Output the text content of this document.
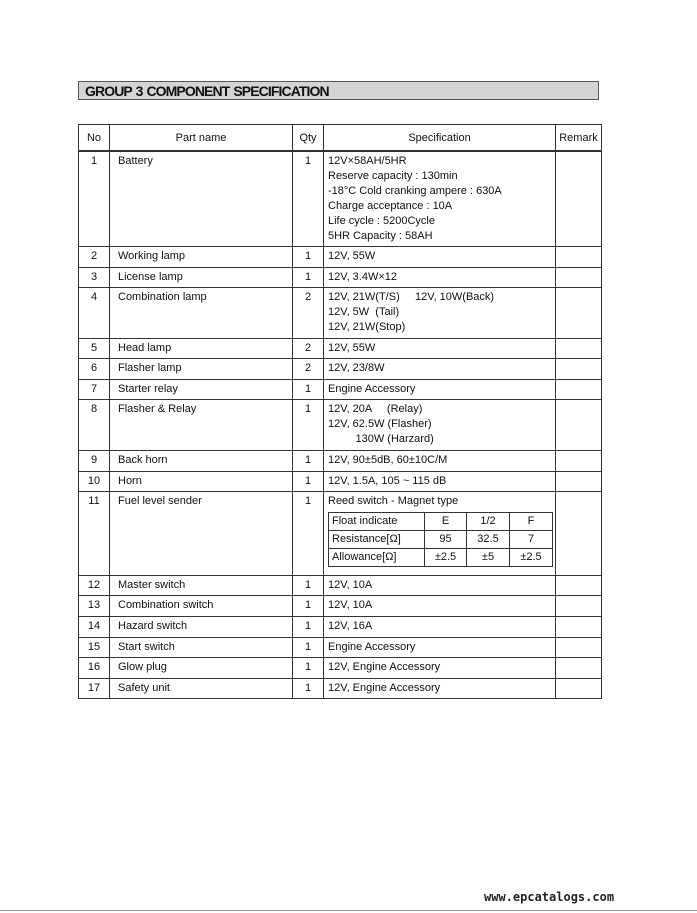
GROUP 3 COMPONENT SPECIFICATION
No	Part name	Qty	Specification	Remark
1	Battery	1	12V×58AH/5HR
Reserve capacity : 130min
-18°C Cold cranking ampere : 630A
Charge acceptance : 10A
Life cycle : 5200Cycle
5HR Capacity : 58AH

2	Working lamp	1	12V, 55W

3	License lamp	1	12V, 3.4W×12

4	Combination lamp	2	12V, 21W(T/S)     12V, 10W(Back)
12V, 5W  (Tail)
12V, 21W(Stop)

5	Head lamp	2	12V, 55W

6	Flasher lamp	2	12V, 23/8W

7	Starter relay	1	Engine Accessory

8	Flasher & Relay	1	12V, 20A     (Relay)
12V, 62.5W (Flasher)
130W (Harzard)

9	Back horn	1	12V, 90±5dB, 60±10C/M

10	Horn	1	12V, 1.5A, 105 ~ 115 dB

11	Fuel level sender	1	Reed switch - Magnet type
Float indicate	E	1/2	F
Resistance[Ω]	95	32.5	7
Allowance[Ω]	±2.5	±5	±2.5

12	Master switch	1	12V, 10A

13	Combination switch	1	12V, 10A

14	Hazard switch	1	12V, 16A

15	Start switch	1	Engine Accessory

16	Glow plug	1	12V, Engine Accessory

17	Safety unit	1	12V, Engine Accessory

www.epcatalogs.com
